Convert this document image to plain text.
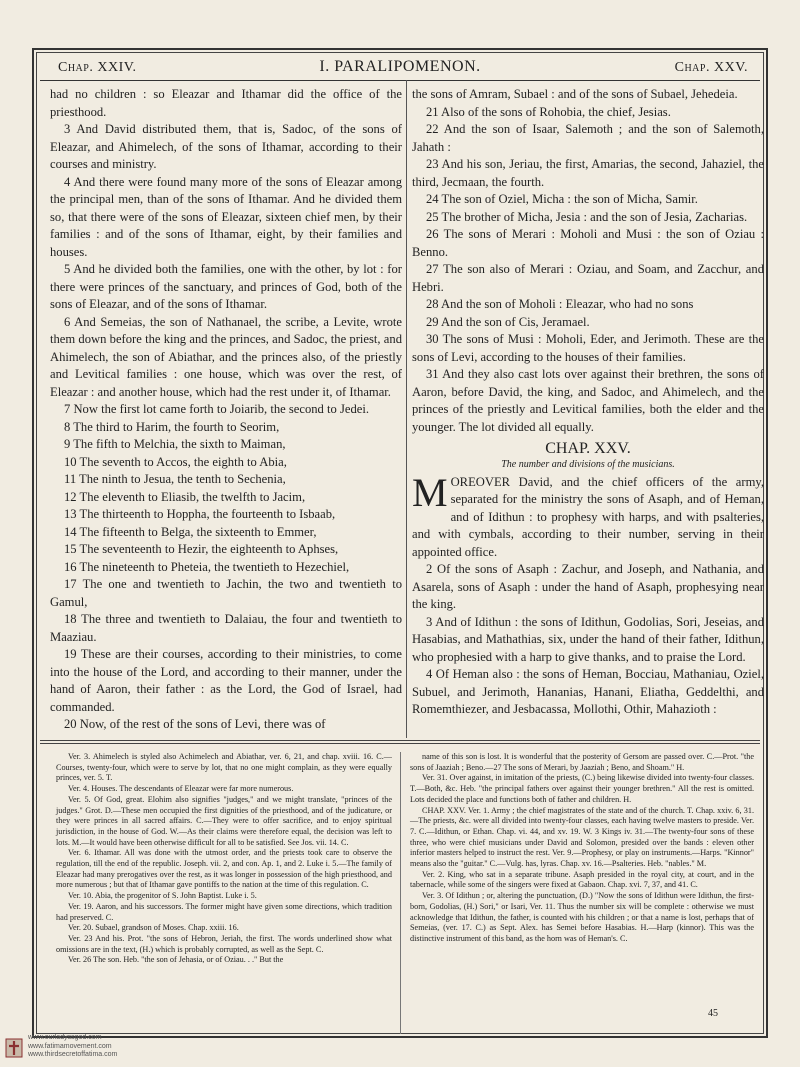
Chap. XXIV.	I. PARALIPOMENON.	Chap. XXV.

had no children : so Eleazar and Ithamar did the office of the priesthood.

3 And David distributed them, that is, Sadoc, of the sons of Eleazar, and Ahimelech, of the sons of Ithamar, according to their courses and ministry.

4 And there were found many more of the sons of Eleazar among the principal men, than of the sons of Ithamar. And he divided them so, that there were of the sons of Eleazar, sixteen chief men, by their families : and of the sons of Ithamar, eight, by their families and houses.

5 And he divided both the families, one with the other, by lot : for there were princes of the sanctuary, and princes of God, both of the sons of Eleazar, and of the sons of Ithamar.

6 And Semeias, the son of Nathanael, the scribe, a Levite, wrote them down before the king and the princes, and Sadoc, the priest, and Ahimelech, the son of Abiathar, and the princes also, of the priestly and Levitical families : one house, which was over the rest, of Eleazar : and another house, which had the rest under it, of Ithamar.

7 Now the first lot came forth to Joiarib, the second to Jedei.

8 The third to Harim, the fourth to Seorim,

9 The fifth to Melchia, the sixth to Maiman,

10 The seventh to Accos, the eighth to Abia,

11 The ninth to Jesua, the tenth to Sechenia,

12 The eleventh to Eliasib, the twelfth to Jacim,

13 The thirteenth to Hoppha, the fourteenth to Isbaab,

14 The fifteenth to Belga, the sixteenth to Emmer,

15 The seventeenth to Hezir, the eighteenth to Aphses,

16 The nineteenth to Pheteia, the twentieth to Hezechiel,

17 The one and twentieth to Jachin, the two and twentieth to Gamul,

18 The three and twentieth to Dalaiau, the four and twentieth to Maaziau.

19 These are their courses, according to their ministries, to come into the house of the Lord, and according to their manner, under the hand of Aaron, their father : as the Lord, the God of Israel, had commanded.

20 Now, of the rest of the sons of Levi, there was of

the sons of Amram, Subael : and of the sons of Subael, Jehedeia.

21 Also of the sons of Rohobia, the chief, Jesias.

22 And the son of Isaar, Salemoth ; and the son of Salemoth, Jahath :

23 And his son, Jeriau, the first, Amarias, the second, Jahaziel, the third, Jecmaan, the fourth.

24 The son of Oziel, Micha : the son of Micha, Samir.

25 The brother of Micha, Jesia : and the son of Jesia, Zacharias.

26 The sons of Merari : Moholi and Musi : the son of Oziau : Benno.

27 The son also of Merari : Oziau, and Soam, and Zacchur, and Hebri.

28 And the son of Moholi : Eleazar, who had no sons

29 And the son of Cis, Jeramael.

30 The sons of Musi : Moholi, Eder, and Jerimoth. These are the sons of Levi, according to the houses of their families.

31 And they also cast lots over against their brethren, the sons of Aaron, before David, the king, and Sadoc, and Ahimelech, and the princes of the priestly and Levitical families, both the elder and the younger. The lot divided all equally.

CHAP. XXV.

The number and divisions of the musicians.

MOREOVER David, and the chief officers of the army, separated for the ministry the sons of Asaph, and of Heman, and of Idithun : to prophesy with harps, and with psalteries, and with cymbals, according to their number, serving in their appointed office.

2 Of the sons of Asaph : Zachur, and Joseph, and Nathania, and Asarela, sons of Asaph : under the hand of Asaph, prophesying near the king.

3 And of Idithun : the sons of Idithun, Godolias, Sori, Jeseias, and Hasabias, and Mathathias, six, under the hand of their father, Idithun, who prophesied with a harp to give thanks, and to praise the Lord.

4 Of Heman also : the sons of Heman, Bocciau, Mathaniau, Oziel, Subuel, and Jerimoth, Hananias, Hanani, Eliatha, Geddelthi, and Romemthiezer, and Jesbacassa, Mollothi, Othir, Mahazioth :

Ver. 3. Ahimelech is styled also Achimelech and Abiathar, ver. 6, 21, and chap. xviii. 16. C.—Courses, twenty-four, which were to serve by lot, that no one might complain, as they were equally princes, ver. 5. T.

Ver. 4. Houses. The descendants of Eleazar were far more numerous.

Ver. 5. Of God, great. Elohim also signifies "judges," and we might translate, "princes of the judges." Grot. D.—These men occupied the first dignities of the priesthood, and of the judicature, or they were princes in all sacred affairs. C.—They were to offer sacrifice, and to enjoy spiritual jurisdiction, in the house of God. W.—As their claims were therefore equal, the decision was left to lots. M.—It would have been otherwise difficult for all to be satisfied. See Jos. vii. 14. C.

Ver. 6. Ithamar. All was done with the utmost order, and the priests took care to observe the regulation, till the end of the republic. Joseph. vii. 2, and con. Ap. 1, and 2. Luke i. 5.—The family of Eleazar had many prerogatives over the rest, as it was longer in possession of the high priesthood, and more numerous ; but that of Ithamar gave pontiffs to the nation at the time of this regulation. C.

Ver. 10. Abia, the progenitor of S. John Baptist. Luke i. 5.

Ver. 19. Aaron, and his successors. The former might have given some directions, which tradition had preserved. C.

Ver. 20. Subael, grandson of Moses. Chap. xxiii. 16.

Ver. 23 And his. Prot. "the sons of Hebron, Jeriah, the first. The words underlined show what omissions are in the text, (H.) which is probably corrupted, as well as the Sept. C.

Ver. 26 The son. Heb. "the son of Jehasia, or of Oziau. . ." But the

name of this son is lost. It is wonderful that the posterity of Gersom are passed over. C.—Prot. "the sons of Jaaziah ; Beno.—27 The sons of Merari, by Jaaziah ; Beno, and Shoam." H.

Ver. 31. Over against, in imitation of the priests, (C.) being likewise divided into twenty-four classes. T.—Both, &c. Heb. "the principal fathers over against their younger brethren." All the rest is omitted. Lots decided the place and functions both of father and children. H.

CHAP. XXV. Ver. 1. Army ; the chief magistrates of the state and of the church. T. Chap. xxiv. 6, 31.—The priests, &c. were all divided into twenty-four classes, each having twelve masters to preside. Ver. 7. C.—Idithun, or Ethan. Chap. vi. 44, and xv. 19. W. 3 Kings iv. 31.—The twenty-four sons of these three, who were chief musicians under David and Solomon, presided over the bands : eleven other inferior masters helped to instruct the rest. Ver. 9.—Prophesy, or play on instruments.—Harps. "Kinnor" means also the "guitar." C.—Vulg. has, lyras. Chap. xv. 16.—Psalteries. Heb. "nables." M.

Ver. 2. King, who sat in a separate tribune. Asaph presided in the royal city, at court, and in the tabernacle, while some of the singers were fixed at Gabaon. Chap. xvi. 7, 37, and 41. C.

Ver. 3. Of Idithun ; or, altering the punctuation, (D.) "Now the sons of Idithun were Idithun, the first-born, Godolias, (H.) Sori," or Isari, Ver. 11. Thus the number six will be complete : otherwise we must acknowledge that Idithun, the father, is counted with his children ; or that a name is lost, perhaps that of Semeias, (ver. 17. C.) as Sept. Alex. has Semei before Hasabias. H.—Harp (kinnor). This was the distinctive instrument of this band, as the horn was of Heman's. C.

45
www.ourladyssgod.com
www.fatimamovement.com
www.thirdsecretoffatima.com
